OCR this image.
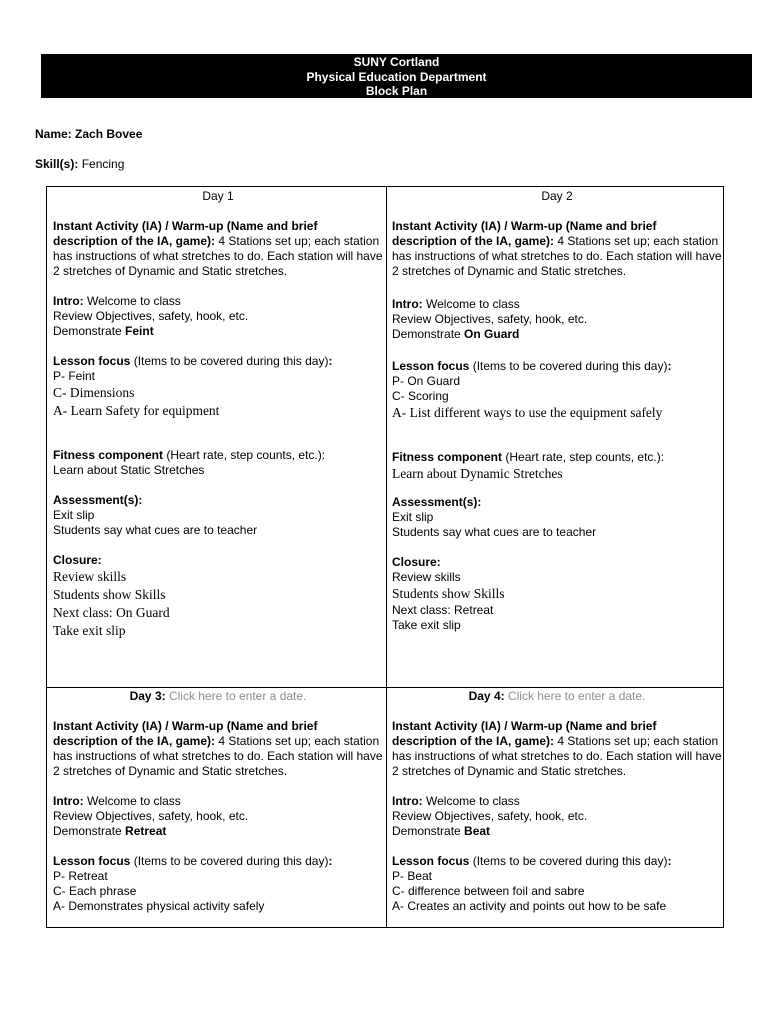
SUNY Cortland
Physical Education Department
Block Plan
Name: Zach Bovee
Skill(s): Fencing
Day 1

Instant Activity (IA) / Warm-up (Name and brief description of the IA, game): 4 Stations set up; each station has instructions of what stretches to do. Each station will have 2 stretches of Dynamic and Static stretches.

Intro: Welcome to class

Review Objectives, safety, hook, etc.

Demonstrate Feint

Lesson focus (Items to be covered during this day):

P- Feint

C- Dimensions

A- Learn Safety for equipment

Fitness component (Heart rate, step counts, etc.):

Learn about Static Stretches

Assessment(s):

Exit slip

Students say what cues are to teacher

Closure:

Review skills

Students show Skills

Next class: On Guard

Take exit slip

Day 2

Instant Activity (IA) / Warm-up (Name and brief description of the IA, game): 4 Stations set up; each station has instructions of what stretches to do. Each station will have 2 stretches of Dynamic and Static stretches.

Intro: Welcome to class

Review Objectives, safety, hook, etc.

Demonstrate On Guard

Lesson focus (Items to be covered during this day):

P- On Guard

C- Scoring

A- List different ways to use the equipment safely

Fitness component (Heart rate, step counts, etc.):

Learn about Dynamic Stretches

Assessment(s):

Exit slip

Students say what cues are to teacher

Closure:

Review skills

Students show Skills

Next class: Retreat

Take exit slip

Day 3: Click here to enter a date.

Instant Activity (IA) / Warm-up (Name and brief description of the IA, game): 4 Stations set up; each station has instructions of what stretches to do. Each station will have 2 stretches of Dynamic and Static stretches.

Intro: Welcome to class

Review Objectives, safety, hook, etc.

Demonstrate Retreat

Lesson focus (Items to be covered during this day):

P- Retreat

C- Each phrase

A- Demonstrates physical activity safely

Day 4: Click here to enter a date.

Instant Activity (IA) / Warm-up (Name and brief description of the IA, game): 4 Stations set up; each station has instructions of what stretches to do. Each station will have 2 stretches of Dynamic and Static stretches.

Intro: Welcome to class

Review Objectives, safety, hook, etc.

Demonstrate Beat

Lesson focus (Items to be covered during this day):

P- Beat

C- difference between foil and sabre

A- Creates an activity and points out how to be safe
